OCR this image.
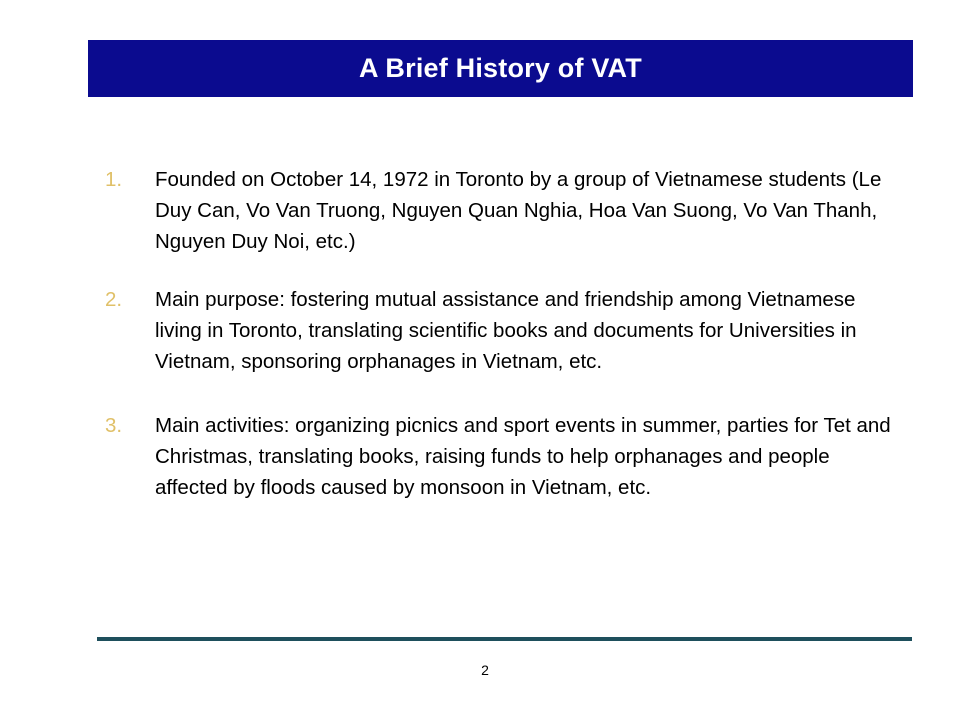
A Brief History of VAT
1.	Founded on October 14, 1972 in Toronto by a group of Vietnamese students (Le Duy Can, Vo Van Truong, Nguyen Quan Nghia, Hoa Van Suong, Vo Van Thanh, Nguyen Duy Noi, etc.)
2.	Main purpose: fostering mutual assistance and friendship among Vietnamese living in Toronto, translating scientific books and documents for Universities in Vietnam, sponsoring orphanages in Vietnam, etc.
3.	Main activities: organizing picnics and sport events in summer, parties for Tet and Christmas, translating books, raising funds to help orphanages and people affected by floods caused by monsoon in Vietnam, etc.
2
